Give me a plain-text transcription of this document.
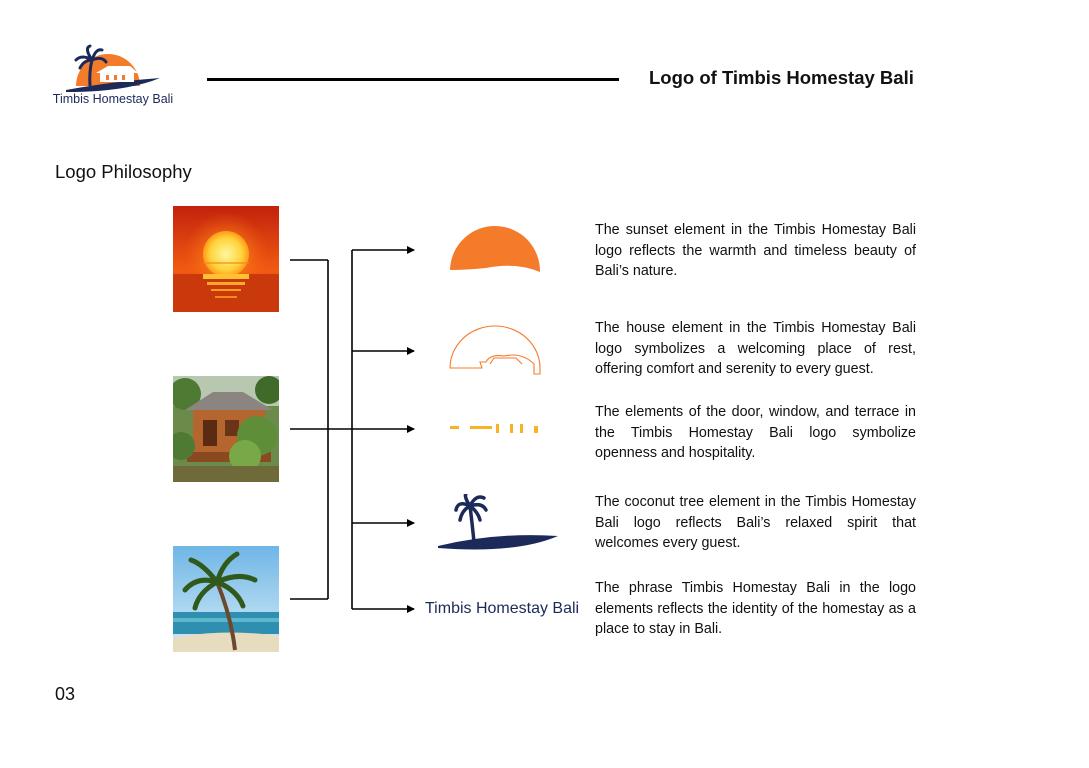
Timbis Homestay Bali
Logo of Timbis Homestay Bali
Logo Philosophy
Timbis Homestay Bali
The sunset element in the Timbis Homestay Bali logo reflects the warmth and timeless beauty of Bali’s nature.
The house element in the Timbis Homestay Bali logo symbolizes a welcoming place of rest, offering comfort and serenity to every guest.
The elements of the door, window, and terrace in the Timbis Homestay Bali logo symbolize openness and hospitality.
The coconut tree element in the Timbis Homestay Bali logo reflects Bali’s relaxed spirit that welcomes every guest.
The phrase Timbis Homestay Bali in the logo elements reflects the identity of the homestay as a place to stay in Bali.
03
